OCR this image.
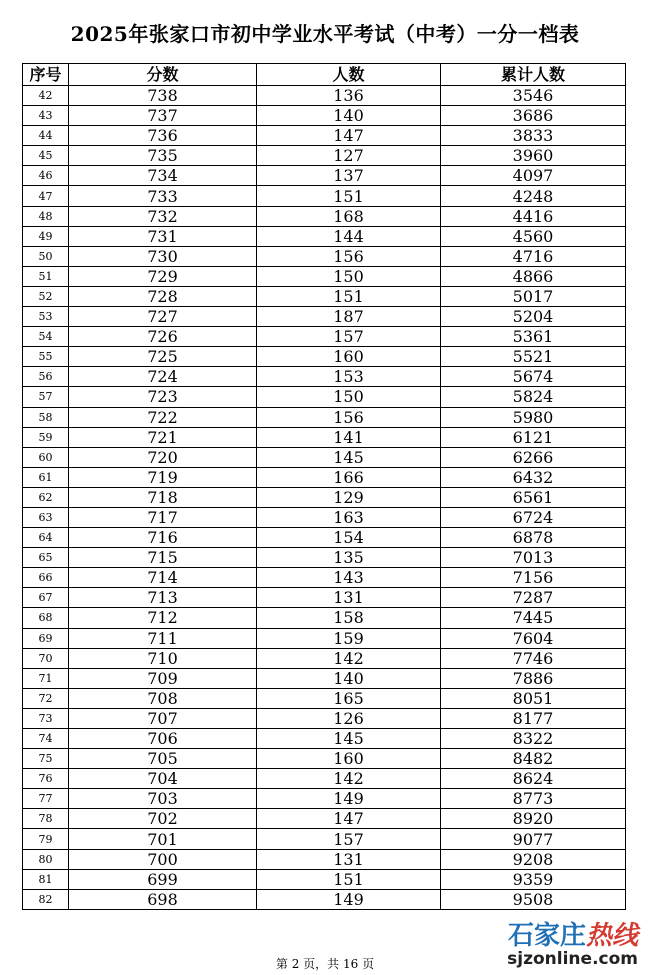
2025年张家口市初中学业水平考试（中考）一分一档表
序号	分数	人数	累计人数
42	738	136	3546
43	737	140	3686
44	736	147	3833
45	735	127	3960
46	734	137	4097
47	733	151	4248
48	732	168	4416
49	731	144	4560
50	730	156	4716
51	729	150	4866
52	728	151	5017
53	727	187	5204
54	726	157	5361
55	725	160	5521
56	724	153	5674
57	723	150	5824
58	722	156	5980
59	721	141	6121
60	720	145	6266
61	719	166	6432
62	718	129	6561
63	717	163	6724
64	716	154	6878
65	715	135	7013
66	714	143	7156
67	713	131	7287
68	712	158	7445
69	711	159	7604
70	710	142	7746
71	709	140	7886
72	708	165	8051
73	707	126	8177
74	706	145	8322
75	705	160	8482
76	704	142	8624
77	703	149	8773
78	702	147	8920
79	701	157	9077
80	700	131	9208
81	699	151	9359
82	698	149	9508
第 2 页，共 16 页
石家庄热线
sjzonline.com
